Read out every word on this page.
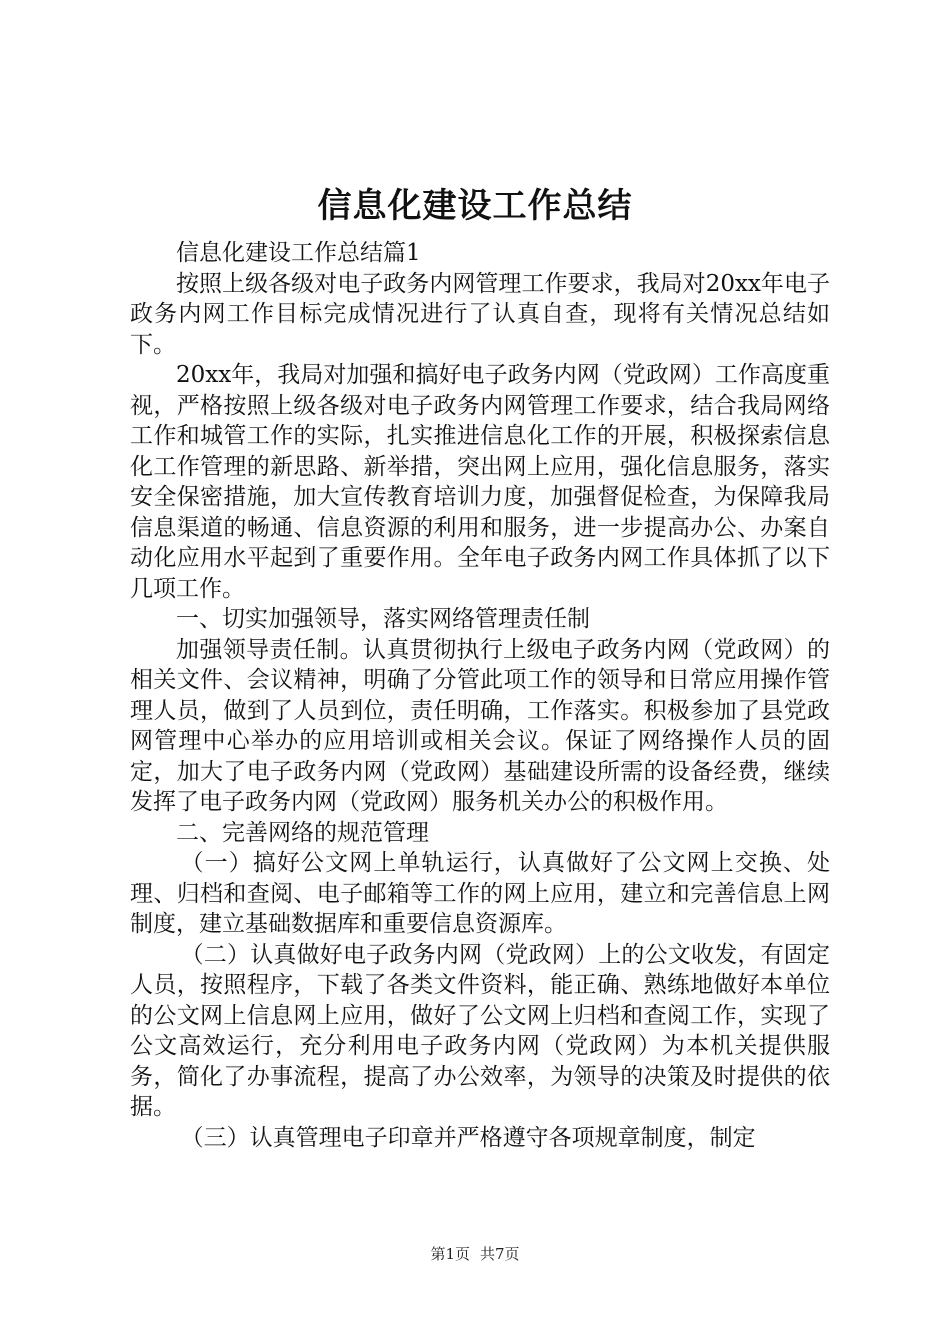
信息化建设工作总结

信息化建设工作总结篇1

按照上级各级对电子政务内网管理工作要求，我局对20xx年电子政务内网工作目标完成情况进行了认真自查，现将有关情况总结如下。

20xx年，我局对加强和搞好电子政务内网（党政网）工作高度重视，严格按照上级各级对电子政务内网管理工作要求，结合我局网络工作和城管工作的实际，扎实推进信息化工作的开展，积极探索信息化工作管理的新思路、新举措，突出网上应用，强化信息服务，落实安全保密措施，加大宣传教育培训力度，加强督促检查，为保障我局信息渠道的畅通、信息资源的利用和服务，进一步提高办公、办案自动化应用水平起到了重要作用。全年电子政务内网工作具体抓了以下几项工作。

一、切实加强领导，落实网络管理责任制

加强领导责任制。认真贯彻执行上级电子政务内网（党政网）的相关文件、会议精神，明确了分管此项工作的领导和日常应用操作管理人员，做到了人员到位，责任明确，工作落实。积极参加了县党政网管理中心举办的应用培训或相关会议。保证了网络操作人员的固定，加大了电子政务内网（党政网）基础建设所需的设备经费，继续发挥了电子政务内网（党政网）服务机关办公的积极作用。

二、完善网络的规范管理

（一）搞好公文网上单轨运行，认真做好了公文网上交换、处理、归档和查阅、电子邮箱等工作的网上应用，建立和完善信息上网制度，建立基础数据库和重要信息资源库。

（二）认真做好电子政务内网（党政网）上的公文收发，有固定人员，按照程序，下载了各类文件资料，能正确、熟练地做好本单位的公文网上信息网上应用，做好了公文网上归档和查阅工作，实现了公文高效运行，充分利用电子政务内网（党政网）为本机关提供服务，简化了办事流程，提高了办公效率，为领导的决策及时提供的依据。

（三）认真管理电子印章并严格遵守各项规章制度，制定

第1页 共7页
